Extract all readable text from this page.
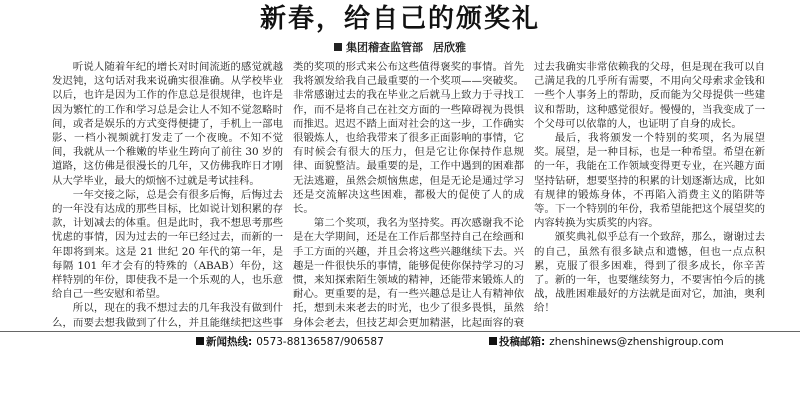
新春，给自己的颁奖礼
集团稽查监管部 居欣雅

听说人随着年纪的增长对时间流逝的感觉就越发迟钝，这句话对我来说确实很准确。从学校毕业以后，也许是因为工作的作息总是很规律，也许是因为繁忙的工作和学习总是会让人不知不觉忽略时间，或者是娱乐的方式变得便捷了，手机上一部电影、一档小视频就打发走了一个夜晚。不知不觉间，我就从一个稚嫩的毕业生跨向了前往 30 岁的道路，这仿佛是很漫长的几年，又仿佛我昨日才刚从大学毕业，最大的烦恼不过就是考试挂科。

一年交接之际，总是会有很多后悔，后悔过去的一年没有达成的那些目标，比如说计划积累的存款，计划减去的体重。但是此时，我不想思考那些忧虑的事情，因为过去的一年已经过去，而新的一年即将到来。这是 21 世纪 20 年代的第一年，是每隔 101 年才会有的特殊的（ABAB）年份，这样特别的年份，即使我不是一个乐观的人，也乐意给自己一些安慰和希望。

所以，现在的我不想过去的几年我没有做到什么，而要去想我做到了什么，并且能继续把这些事

类的奖项的形式来公布这些值得褒奖的事情。首先我将颁发给我自己最重要的一个奖项——突破奖。非常感谢过去的我在毕业之后就马上致力于寻找工作，而不是将自己在社交方面的一些障碍视为畏惧而推迟。迟迟不踏上面对社会的这一步，工作确实很锻炼人，也给我带来了很多正面影响的事情，它有时候会有很大的压力，但是它让你保持作息规律、面貌整洁。最重要的是，工作中遇到的困难都无法逃避，虽然会烦恼焦虑，但是无论是通过学习还是交流解决这些困难，都极大的促使了人的成长。

第二个奖项，我名为坚持奖。再次感谢我不论是在大学期间，还是在工作后都坚持自己在绘画和手工方面的兴趣，并且会将这些兴趣继续下去。兴趣是一件很快乐的事情，能够促使你保持学习的习惯，来知探索陌生领域的精神，还能带来锻炼人的耐心。更重要的是，有一些兴趣总是让人有精神依托，想到未来老去的时光，也少了很多畏惧，虽然身体会老去，但技艺却会更加精湛，比起面容的衰

过去我确实非常依赖我的父母，但是现在我可以自己满足我的几乎所有需要，不用向父母索求金钱和一些个人事务上的帮助，反而能为父母提供一些建议和帮助，这种感觉很好。慢慢的，当我变成了一个父母可以依靠的人，也证明了自身的成长。

最后，我将颁发一个特别的奖项，名为展望奖。展望，是一种目标，也是一种希望。希望在新的一年，我能在工作领域变得更专业，在兴趣方面坚持钻研，想要坚持的积累的计划逐渐达成，比如有规律的锻炼身体，不再陷入消费主义的陷阱等等。下一个特别的年份，我希望能把这个展望奖的内容转换为实质奖的内容。

颁奖典礼似乎总有一个致辞，那么，谢谢过去的自己，虽然有很多缺点和遗憾，但也一点点积累，克服了很多困难，得到了很多成长，你辛苦了。新的一年，也要继续努力，不要害怕今后的挑战，战胜困难最好的方法就是面对它，加油，奥利给！

新闻热线: 0573-88136587/906587	投稿邮箱: zhenshinews@zhenshigroup.com
